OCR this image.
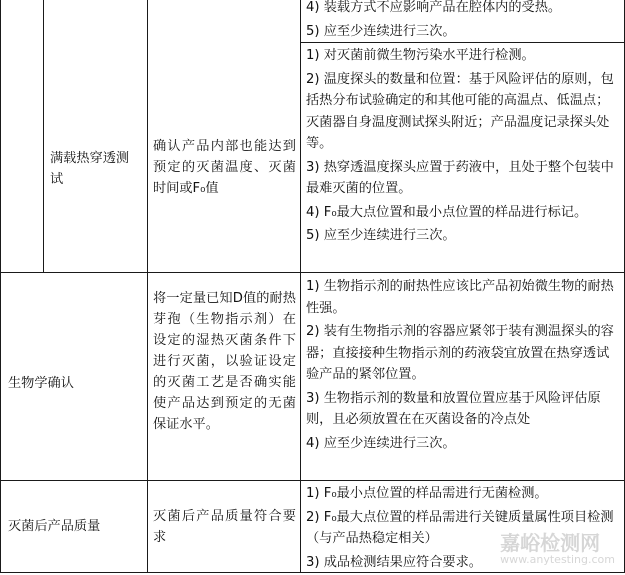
4) 装载方式不应影响产品在腔体内的受热。

5) 应至少连续进行三次。

满载热穿透测试
确认产品内部也能达到预定的灭菌温度、灭菌时间或F₀值

1) 对灭菌前微生物污染水平进行检测。

2) 温度探头的数量和位置：基于风险评估的原则，包括热分布试验确定的和其他可能的高温点、低温点；灭菌器自身温度测试探头附近；产品温度记录探头处等。

3) 热穿透温度探头应置于药液中，且处于整个包装中最难灭菌的位置。

4) F₀最大点位置和最小点位置的样品进行标记。

5) 应至少连续进行三次。

生物学确认
将一定量已知D值的耐热芽孢（生物指示剂）在设定的湿热灭菌条件下进行灭菌，以验证设定的灭菌工艺是否确实能使产品达到预定的无菌保证水平。

1) 生物指示剂的耐热性应该比产品初始微生物的耐热性强。

2) 装有生物指示剂的容器应紧邻于装有测温探头的容器；直接接种生物指示剂的药液袋宜放置在热穿透试验产品的紧邻位置。

3) 生物指示剂的数量和放置位置应基于风险评估原则，且必须放置在在灭菌设备的冷点处

4) 应至少连续进行三次。

灭菌后产品质量
灭菌后产品质量符合要求

1) F₀最小点位置的样品需进行无菌检测。

2) F₀最大点位置的样品需进行关键质量属性项目检测（与产品热稳定相关）

3) 成品检测结果应符合要求。

嘉峪检测网
www.anytesting.com
